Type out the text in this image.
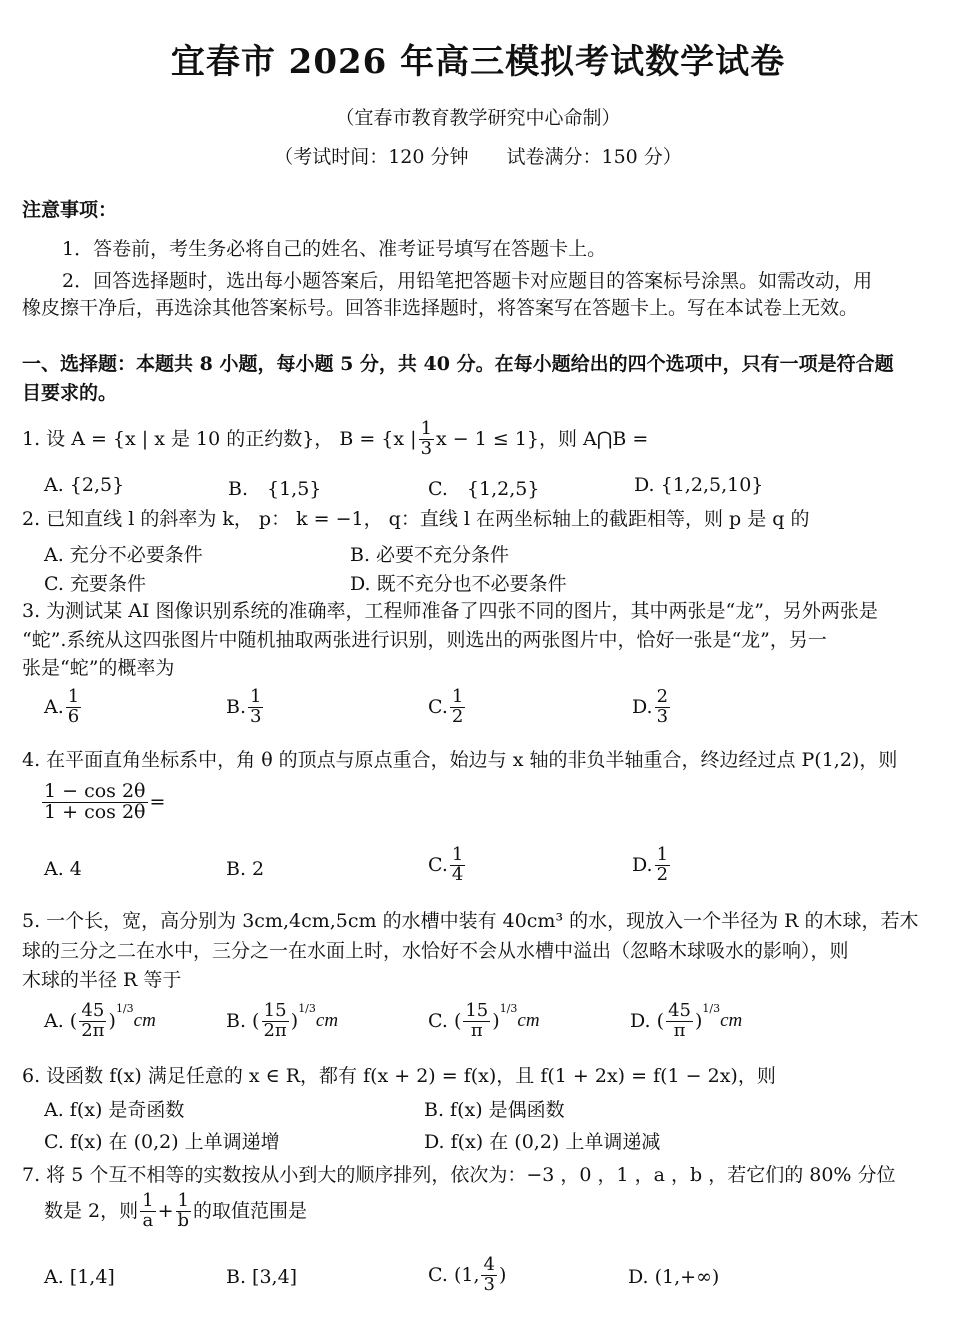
宜春市 2026 年高三模拟考试数学试卷
（宜春市教育教学研究中心命制）
（考试时间：120 分钟　　试卷满分：150 分）
注意事项：
1．答卷前，考生务必将自己的姓名、准考证号填写在答题卡上。
2．回答选择题时，选出每小题答案后，用铅笔把答题卡对应题目的答案标号涂黑。如需改动，用
橡皮擦干净后，再选涂其他答案标号。回答非选择题时，将答案写在答题卡上。写在本试卷上无效。
一、选择题：本题共 8 小题，每小题 5 分，共 40 分。在每小题给出的四个选项中，只有一项是符合题
目要求的。
1. 设 A = {x | x 是 10 的正约数}， B = {x | $\frac{1}{3}$ x − 1 ≤ 1}，则 A⋂B =
A. {2,5}	B.　{1,5}	C.　{1,2,5}	D. {1,2,5,10}
2. 已知直线 l 的斜率为 k， p： k = −1， q：直线 l 在两坐标轴上的截距相等，则 p 是 q 的
A. 充分不必要条件	B. 必要不充分条件
C. 充要条件	D. 既不充分也不必要条件
3. 为测试某 AI 图像识别系统的准确率，工程师准备了四张不同的图片，其中两张是“龙”，另外两张是
“蛇”.系统从这四张图片中随机抽取两张进行识别，则选出的两张图片中，恰好一张是“龙”，另一
张是“蛇”的概率为
A. $\frac{1}{6}$	B. $\frac{1}{3}$	C. $\frac{1}{2}$	D. $\frac{2}{3}$
4. 在平面直角坐标系中，角 θ 的顶点与原点重合，始边与 x 轴的非负半轴重合，终边经过点 P(1,2)，则
$\frac{1 - \cos 2\theta}{1 + \cos 2\theta}$ =
A. 4	B. 2	C. $\frac{1}{4}$	D. $\frac{1}{2}$
5. 一个长，宽，高分别为 3cm,4cm,5cm 的水槽中装有 40cm³ 的水，现放入一个半径为 R 的木球，若木
球的三分之二在水中，三分之一在水面上时，水恰好不会从水槽中溢出（忽略木球吸水的影响），则
木球的半径 R 等于
A. ( $\frac{45}{2\pi}$ )
$^{1/3}$
cm	B. ( $\frac{15}{2\pi}$ )
$^{1/3}$
cm	C. ( $\frac{15}{\pi}$ )
$^{1/3}$
cm	D. ( $\frac{45}{\pi}$ )
$^{1/3}$
cm
6. 设函数 f(x) 满足任意的 x ∈ R，都有 f(x + 2) = f(x)，且 f(1 + 2x) = f(1 − 2x)，则
A. f(x) 是奇函数	B. f(x) 是偶函数
C. f(x) 在 (0,2) 上单调递增	D. f(x) 在 (0,2) 上单调递减
7. 将 5 个互不相等的实数按从小到大的顺序排列，依次为：−3 ，0 ，1 ，a ，b ，若它们的 80% 分位
数是 2，则 $\frac{1}{a} + \frac{1}{b}$ 的取值范围是
A. [1,4]	B. [3,4]	C. (1, $\frac{4}{3}$ )	D. (1,+∞)
